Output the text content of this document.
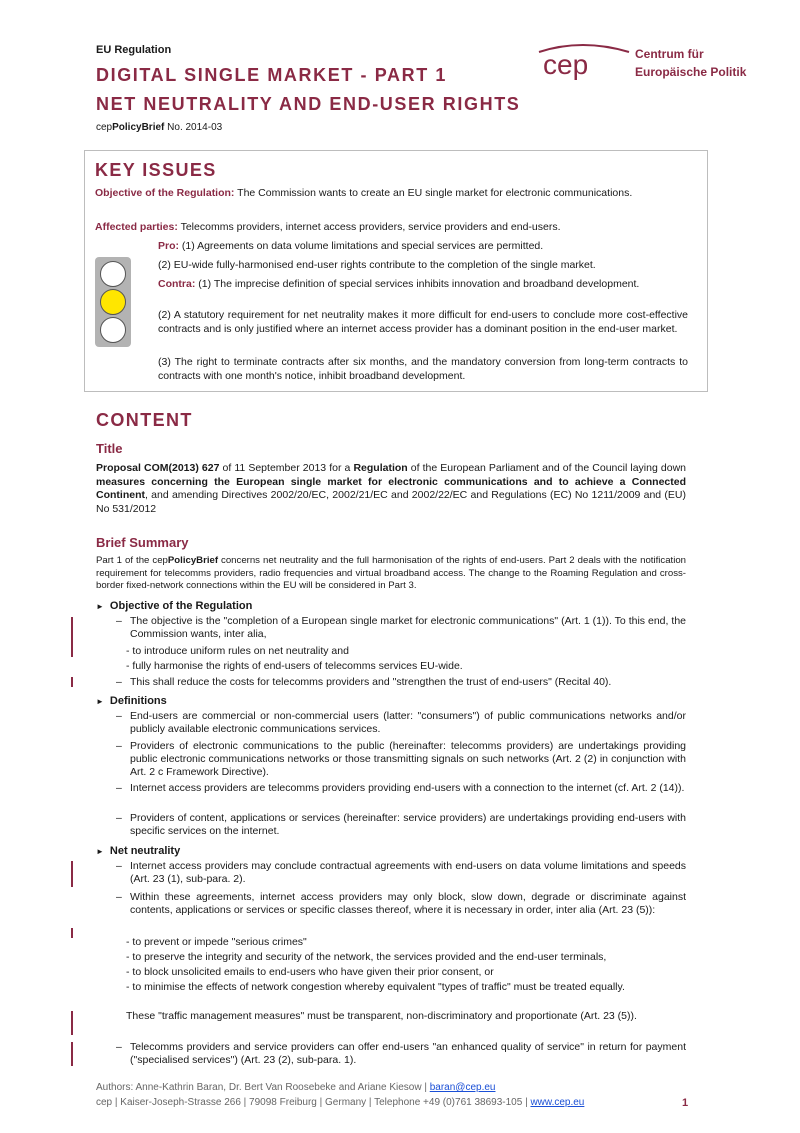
EU Regulation
DIGITAL SINGLE MARKET - PART 1
NET NEUTRALITY AND END-USER RIGHTS
cepPolicyBrief No. 2014-03
cep	Centrum für
Europäische Politik
KEY ISSUES
Objective of the Regulation: The Commission wants to create an EU single market for electronic communications.
Affected parties: Telecomms providers, internet access providers, service providers and end-users.
Pro: (1) Agreements on data volume limitations and special services are permitted.
(2) EU-wide fully-harmonised end-user rights contribute to the completion of the single market.
Contra: (1) The imprecise definition of special services inhibits innovation and broadband development.
(2) A statutory requirement for net neutrality makes it more difficult for end-users to conclude more cost-effective contracts and is only justified where an internet access provider has a dominant position in the end-user market.
(3) The right to terminate contracts after six months, and the mandatory conversion from long-term contracts to contracts with one month's notice, inhibit broadband development.
CONTENT
Title
Proposal COM(2013) 627 of 11 September 2013 for a Regulation of the European Parliament and of the Council laying down measures concerning the European single market for electronic communications and to achieve a Connected Continent, and amending Directives 2002/20/EC, 2002/21/EC and 2002/22/EC and Regulations (EC) No 1211/2009 and (EU) No 531/2012
Brief Summary
Part 1 of the cepPolicyBrief concerns net neutrality and the full harmonisation of the rights of end-users. Part 2 deals with the notification requirement for telecomms providers, radio frequencies and virtual broadband access. The change to the Roaming Regulation and cross-border fixed-network connections within the EU will be considered in Part 3.
► Objective of the Regulation
– The objective is the "completion of a European single market for electronic communications" (Art. 1 (1)). To this end, the Commission wants, inter alia,
- to introduce uniform rules on net neutrality and
- fully harmonise the rights of end-users of telecomms services EU-wide.
– This shall reduce the costs for telecomms providers and "strengthen the trust of end-users" (Recital 40).
► Definitions
– End-users are commercial or non-commercial users (latter: "consumers") of public communications networks and/or publicly available electronic communications services.
– Providers of electronic communications to the public (hereinafter: telecomms providers) are undertakings providing public electronic communications networks or those transmitting signals on such networks (Art. 2 (2) in conjunction with Art. 2 c Framework Directive).
– Internet access providers are telecomms providers providing end-users with a connection to the internet (cf. Art. 2 (14)).
– Providers of content, applications or services (hereinafter: service providers) are undertakings providing end-users with specific services on the internet.
► Net neutrality
– Internet access providers may conclude contractual agreements with end-users on data volume limitations and speeds (Art. 23 (1), sub-para. 2).
– Within these agreements, internet access providers may only block, slow down, degrade or discriminate against contents, applications or services or specific classes thereof, where it is necessary in order, inter alia (Art. 23 (5)):
- to prevent or impede "serious crimes"
- to preserve the integrity and security of the network, the services provided and the end-user terminals,
- to block unsolicited emails to end-users who have given their prior consent, or
- to minimise the effects of network congestion whereby equivalent "types of traffic" must be treated equally.
These "traffic management measures" must be transparent, non-discriminatory and proportionate (Art. 23 (5)).
– Telecomms providers and service providers can offer end-users "an enhanced quality of service" in return for payment ("specialised services") (Art. 23 (2), sub-para. 1).
Authors: Anne-Kathrin Baran, Dr. Bert Van Roosebeke and Ariane Kiesow | baran@cep.eu
cep | Kaiser-Joseph-Strasse 266 | 79098 Freiburg | Germany | Telephone +49 (0)761 38693-105 | www.cep.eu	1
